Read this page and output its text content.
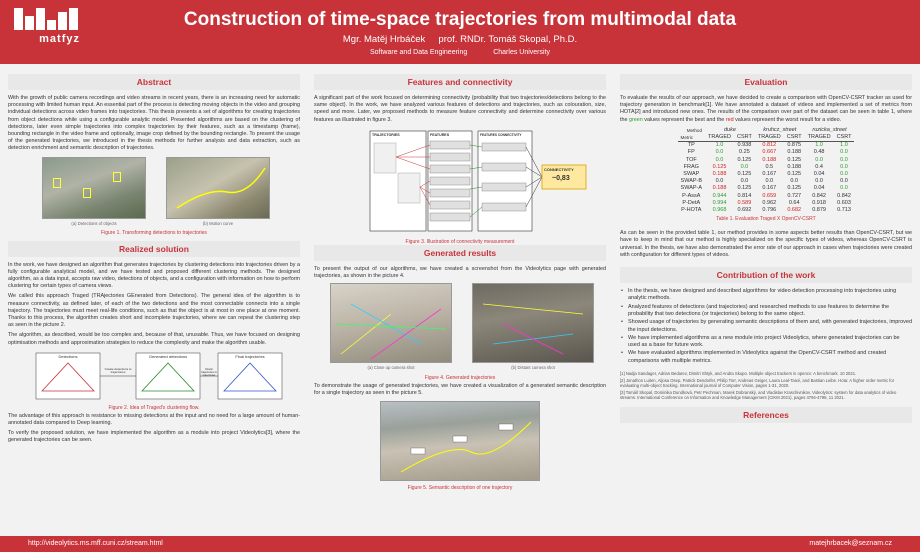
matfyz
Construction of time-space trajectories from multimodal data
Mgr. Matěj Hrbáček     prof. RNDr. Tomáš Skopal, Ph.D.
Software and Data Engineering	Charles University
Abstract
With the growth of public camera recordings and video streams in recent years, there is an increasing need for automatic processing with limited human input. An essential part of the process is detecting moving objects in the video and grouping individual detections across video frames into trajectories. This thesis presents a set of algorithms for creating trajectories from object detections while using a configurable analytic model. Presented algorithms are based on the clustering of detections, later even simple trajectories into complex trajectories by their features, such as a timestamp (frame), bounding rectangle in the video frame and optionally, image crop defined by the bounding rectangle. To present the usage of the generated trajectories, we introduced in the thesis methods for further analysis and data extraction, such as detection enrichment and semantic description of trajectories.
(a) Detections of objects	(b) Motion curve
Figure 1. Transforming detections to trajectories
Realized solution
In the work, we have designed an algorithm that generates trajectories by clustering detections into trajectories driven by a fully configurable analytical model, and we have tested and proposed different clustering methods. The designed algorithm, as a data input, accepts raw video, detections of objects, and a configuration with information on how to perform clustering for certain types of camera views.
We called this approach Traged (TRAjectories GEnerated from Detections). The general idea of the algorithm is to measure connectivity, as defined later, of each of the two detections and the most connectable connects into a single trajectory. The trajectories must meet real-life conditions, such as that the object is at most in one place at one moment. Thanks to this process, the algorithm creates short and incomplete trajectories, where we can repeat the clustering step as seen in the picture 2.
The algorithm, as described, would be too complex and, because of that, unusable. Thus, we have focused on designing optimisation methods and approximation strategies to reduce the complexity and make the algorithm usable.
Detections	Generated detections	Final trajectories
Create detections to trajectories
Cluster trajectories to trajectories
Figure 2. Idea of Traged's clustering flow.
The advantage of this approach is resistance to missing detections at the input and no need for a large amount of human-annotated data compared to Deep learning.
To verify the proposed solution, we have implemented the algorithm as a module into project Videolytics[3], where the generated trajectories can be seen.
Features and connectivity
A significant part of the work focused on determining connectivity (probability that two trajectories/detections belong to the same object). In the work, we have analyzed various features of detections and trajectories, such as colouration, size, speed and more. Later, we proposed methods to measure feature connectivity and determine connectivity over various features as illustrated in figure 3.
TRAJECTORIES	FEATURES	FEATURES CONNECTIVITY
CONNECTIVITY
~0,83
Figure 3. Illustration of connectivity measurement
Generated results
To present the output of our algorithms, we have created a screenshot from the Videolytics page with generated trajectories, as shown in the picture 4.
(a) Close up camera shot	(b) Distant camera shot
Figure 4. Generated trajectories
To demonstrate the usage of generated trajectories, we have created a visualization of a generated semantic description for a single trajectory as seen in the picture 5.
Figure 5. Semantic description of one trajectory
Evaluation
To evaluate the results of our approach, we have decided to create a comparison with OpenCV-CSRT tracker as used for trajectory generation in benchmark[1]. We have annotated a dataset of videos and implemented a set of metrics from HOTA[2] and introduced new ones. The results of the comparison over part of the dataset can be seen in table 1, where the green values represent the best and the red values represent the worst result for a video.
Method	duke		kruhcz_street		ruzicka_street	
Metric	TRAGED	CSRT	TRAGED	CSRT	TRAGED	CSRT
TP	1.0	0.938	0.812	0.875	1.0	1.0
FP	0.0	0.25	0.667	0.188	0.48	0.0
TOF	0.0	0.125	0.188	0.125	0.0	0.0
FRAG	0.125	0.0	0.5	0.188	0.4	0.0
SWAP	0.188	0.125	0.167	0.125	0.04	0.0
SWAP-B	0.0	0.0	0.0	0.0	0.0	0.0
SWAP-A	0.188	0.125	0.167	0.125	0.04	0.0
P-AssA	0.944	0.814	0.659	0.727	0.842	0.842
P-DetA	0.994	0.589	0.962	0.64	0.918	0.603
P-HOTA	0.968	0.692	0.796	0.682	0.879	0.713
Table 1. Evaluation Traged X OpenCV-CSRT
As can be seen in the provided table 1, our method provides in some aspects better results than OpenCV-CSRT, but we have to keep in mind that our method is highly specialized on the specific types of videos, whereas OpenCV-CSRT is universal. In the thesis, we have also demonstrated the error rate of our approach in cases when trajectories were created with configuration for different types of videos.
Contribution of the work
• In the thesis, we have designed and described algorithms for video detection processing into trajectories using analytic methods.
• Analyzed features of detections (and trajectories) and researched methods to use features to determine the probability that two detections (or trajectories) belong to the same object.
• Showed usage of trajectories by generating semantic descriptions of them and, with generated trajectories, improved the input detections.
• We have implemented algorithms as a new module into project Videolytics, where generated trajectories can be used as a base for future work.
• We have evaluated algorithms implemented in Videolytics against the OpenCV-CSRT method and created comparisons with multiple metrics.
[1] Nadja Sandager, Adrian Bedarev, Dimitri Shtyk, and Andra Skupo. Multiple object trackers in opencv: A benchmark. 10 2021.
[2] Jonathon Luiten, Aljosa Osep, Patrick Dendorfer, Philip Torr, Andreas Geiger, Laura Leal-Taixé, and Bastian Leibe. Hota: A higher order metric for evaluating multi-object tracking. International journal of Computer Vision, pages 1-31, 2020.
[3] Tomáš Skopal, Dominika Dundková, Petr Pechman, Marek Dobranský, and Vladislav Kraschivnikov. Videolytics: system for data analytics of video streams. International Conference on Information and Knowledge Management (CIKM 2021), pages 4794-4798, 11 2021.
References
http://videolytics.ms.mff.cuni.cz/stream.html	matejhrbacek@seznam.cz
